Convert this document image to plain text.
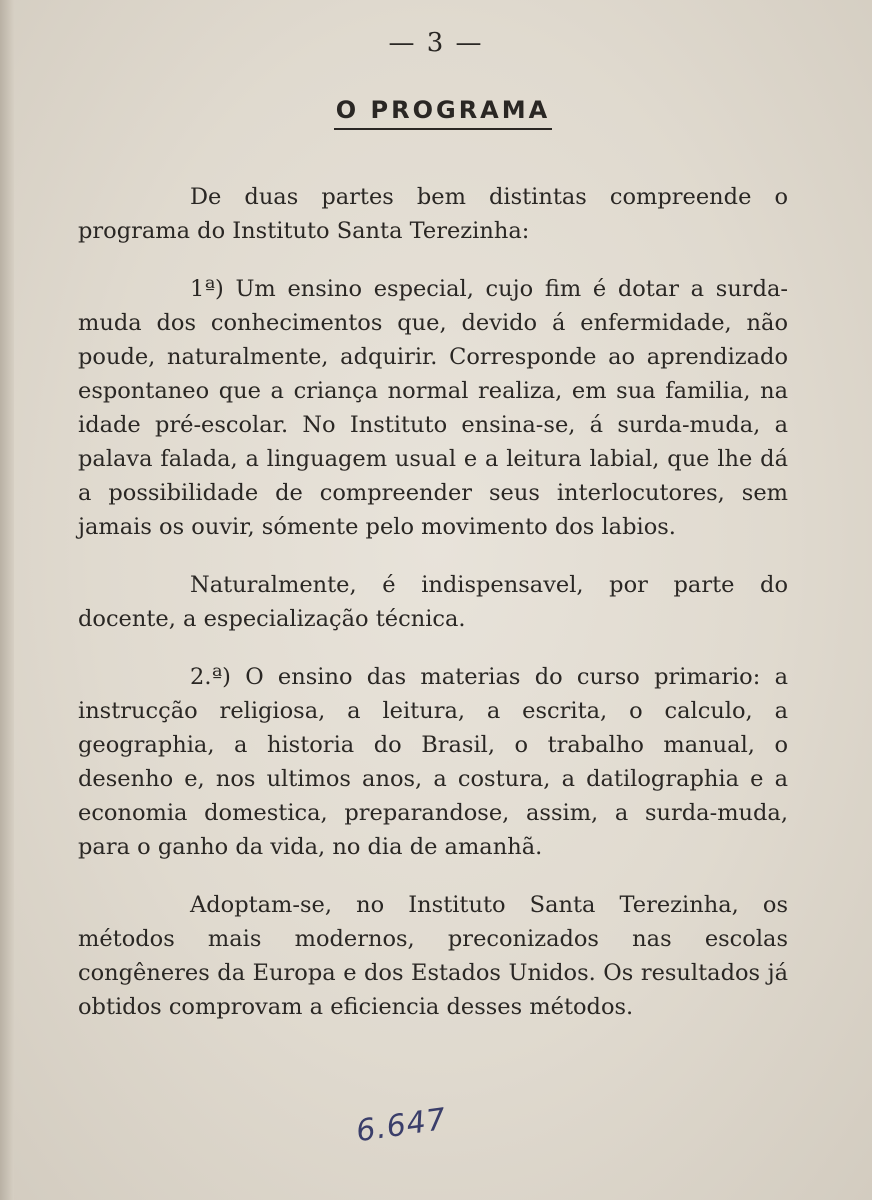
— 3 —
O PROGRAMA

De duas partes bem distintas compreende o programa do Instituto Santa Terezinha:

1ª) Um ensino especial, cujo fim é dotar a surda-muda dos conhecimentos que, devido á enfermidade, não poude, naturalmente, adquirir. Corresponde ao aprendizado espontaneo que a criança normal realiza, em sua familia, na idade pré-escolar. No Instituto ensina-se, á surda-muda, a palava falada, a linguagem usual e a leitura labial, que lhe dá a possibilidade de compreender seus interlocutores, sem jamais os ouvir, sómente pelo movimento dos labios.

Naturalmente, é indispensavel, por parte do docente, a especialização técnica.

2.ª) O ensino das materias do curso primario: a instrucção religiosa, a leitura, a escrita, o calculo, a geographia, a historia do Brasil, o trabalho manual, o desenho e, nos ultimos anos, a costura, a datilographia e a economia domestica, preparandose, assim, a surda-muda, para o ganho da vida, no dia de amanhã.

Adoptam-se, no Instituto Santa Terezinha, os métodos mais modernos, preconizados nas escolas congêneres da Europa e dos Estados Unidos. Os resultados já obtidos comprovam a eficiencia desses métodos.

6.647
